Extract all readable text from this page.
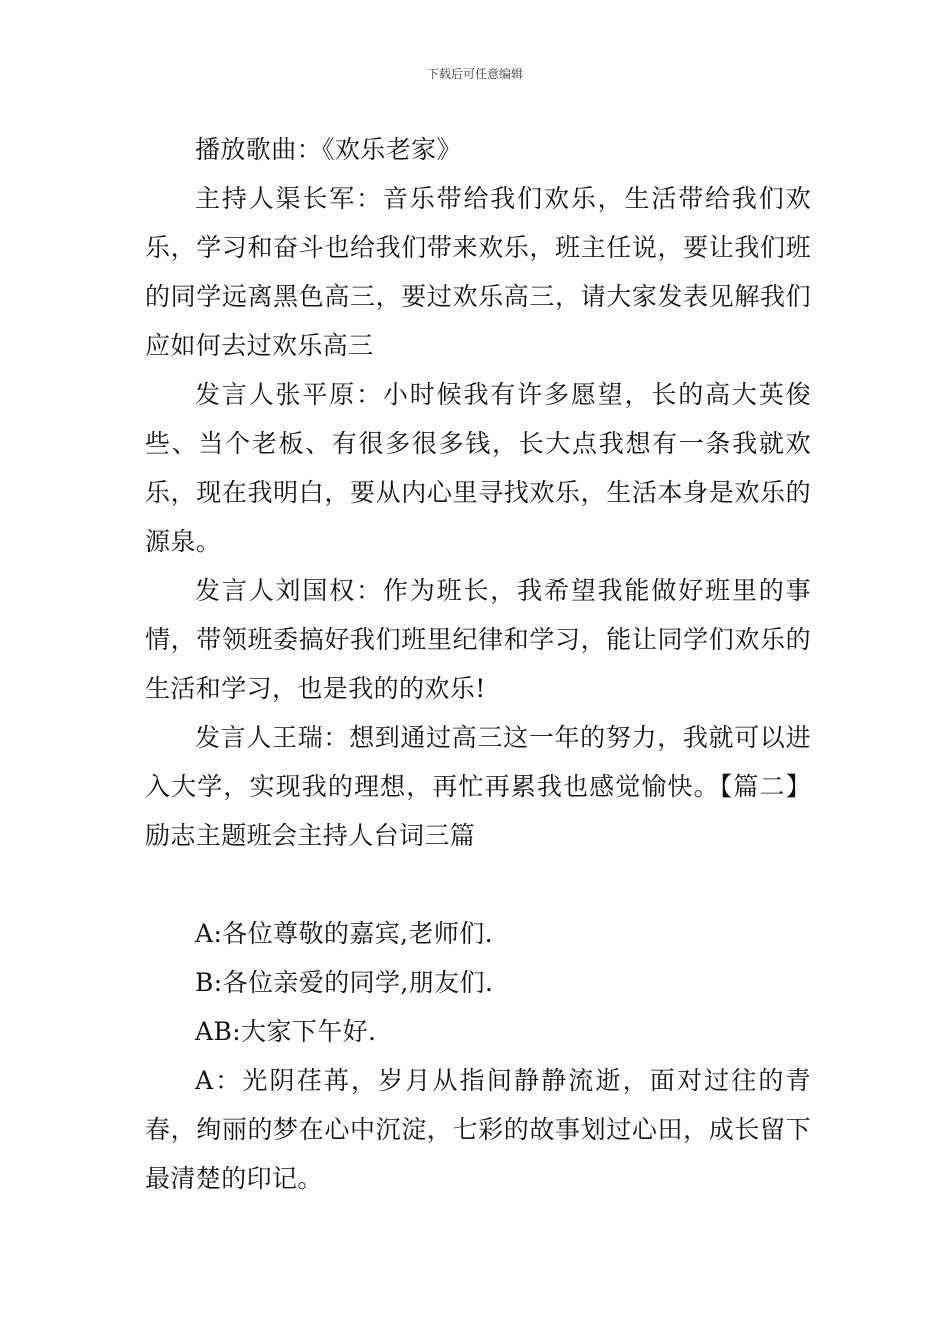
下载后可任意编辑

播放歌曲：《欢乐老家》

主持人渠长军：音乐带给我们欢乐，生活带给我们欢乐，学习和奋斗也给我们带来欢乐，班主任说，要让我们班的同学远离黑色高三，要过欢乐高三，请大家发表见解我们应如何去过欢乐高三

发言人张平原：小时候我有许多愿望，长的高大英俊些、当个老板、有很多很多钱，长大点我想有一条我就欢乐，现在我明白，要从内心里寻找欢乐，生活本身是欢乐的源泉。

发言人刘国权：作为班长，我希望我能做好班里的事情，带领班委搞好我们班里纪律和学习，能让同学们欢乐的生活和学习，也是我的的欢乐!

发言人王瑞：想到通过高三这一年的努力，我就可以进入大学，实现我的理想，再忙再累我也感觉愉快。【篇二】励志主题班会主持人台词三篇

A:各位尊敬的嘉宾,老师们.

B:各位亲爱的同学,朋友们.

AB:大家下午好.

A：光阴荏苒，岁月从指间静静流逝，面对过往的青春，绚丽的梦在心中沉淀，七彩的故事划过心田，成长留下最清楚的印记。
